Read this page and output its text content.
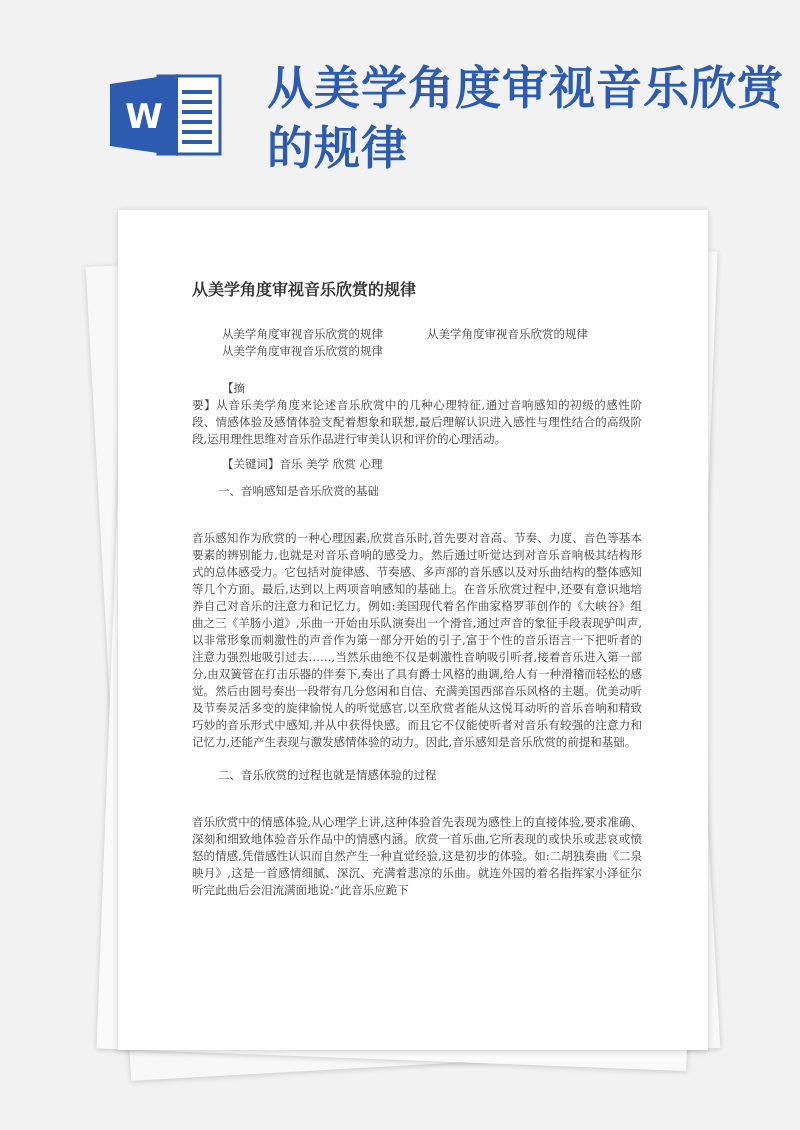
W
从美学角度审视音乐欣赏的规律
从美学角度审视音乐欣赏的规律
从美学角度审视音乐欣赏的规律	从美学角度审视音乐欣赏的规律
从美学角度审视音乐欣赏的规律
【摘

要】从音乐美学角度来论述音乐欣赏中的几种心理特征,通过音响感知的初级的感性阶段、情感体验及感情体验支配着想象和联想,最后理解认识进入感性与理性结合的高级阶段,运用理性思维对音乐作品进行审美认识和评价的心理活动。

【关键词】音乐 美学 欣赏 心理
一、音响感知是音乐欣赏的基础

音乐感知作为欣赏的一种心理因素,欣赏音乐时,首先要对音高、节奏、力度、音色等基本要素的辨别能力,也就是对音乐音响的感受力。然后通过听觉达到对音乐音响极其结构形式的总体感受力。它包括对旋律感、节奏感、多声部的音乐感以及对乐曲结构的整体感知等几个方面。最后,达到以上两项音响感知的基础上。在音乐欣赏过程中,还要有意识地培养自己对音乐的注意力和记忆力。例如:美国现代着名作曲家格罗菲创作的《大峡谷》组曲之三《羊肠小道》,乐曲一开始由乐队演奏出一个滑音,通过声音的象征手段表现驴叫声,以非常形象而刺激性的声音作为第一部分开始的引子,富于个性的音乐语言一下把听者的注意力强烈地吸引过去……,当然乐曲绝不仅是刺激性音响吸引听者,接着音乐进入第一部分,由双簧管在打击乐器的伴奏下,奏出了具有爵士风格的曲调,给人有一种滑稽而轻松的感觉。然后由圆号奏出一段带有几分悠闲和自信、充满美国西部音乐风格的主题。优美动听及节奏灵活多变的旋律愉悦人的听觉感官,以至欣赏者能从这悦耳动听的音乐音响和精致巧妙的音乐形式中感知,并从中获得快感。而且它不仅能使听者对音乐有较强的注意力和记忆力,还能产生表现与激发感情体验的动力。因此,音乐感知是音乐欣赏的前提和基础。

二、音乐欣赏的过程也就是情感体验的过程

音乐欣赏中的情感体验,从心理学上讲,这种体验首先表现为感性上的直接体验,要求准确、深刻和细致地体验音乐作品中的情感内涵。欣赏一首乐曲,它所表现的或快乐或悲哀或愤怒的情感,凭借感性认识而自然产生一种直觉经验,这是初步的体验。如:二胡独奏曲《二泉映月》,这是一首感情细腻、深沉、充满着悲凉的乐曲。就连外国的着名指挥家小泽征尔听完此曲后会泪流满面地说:“此音乐应跪下
